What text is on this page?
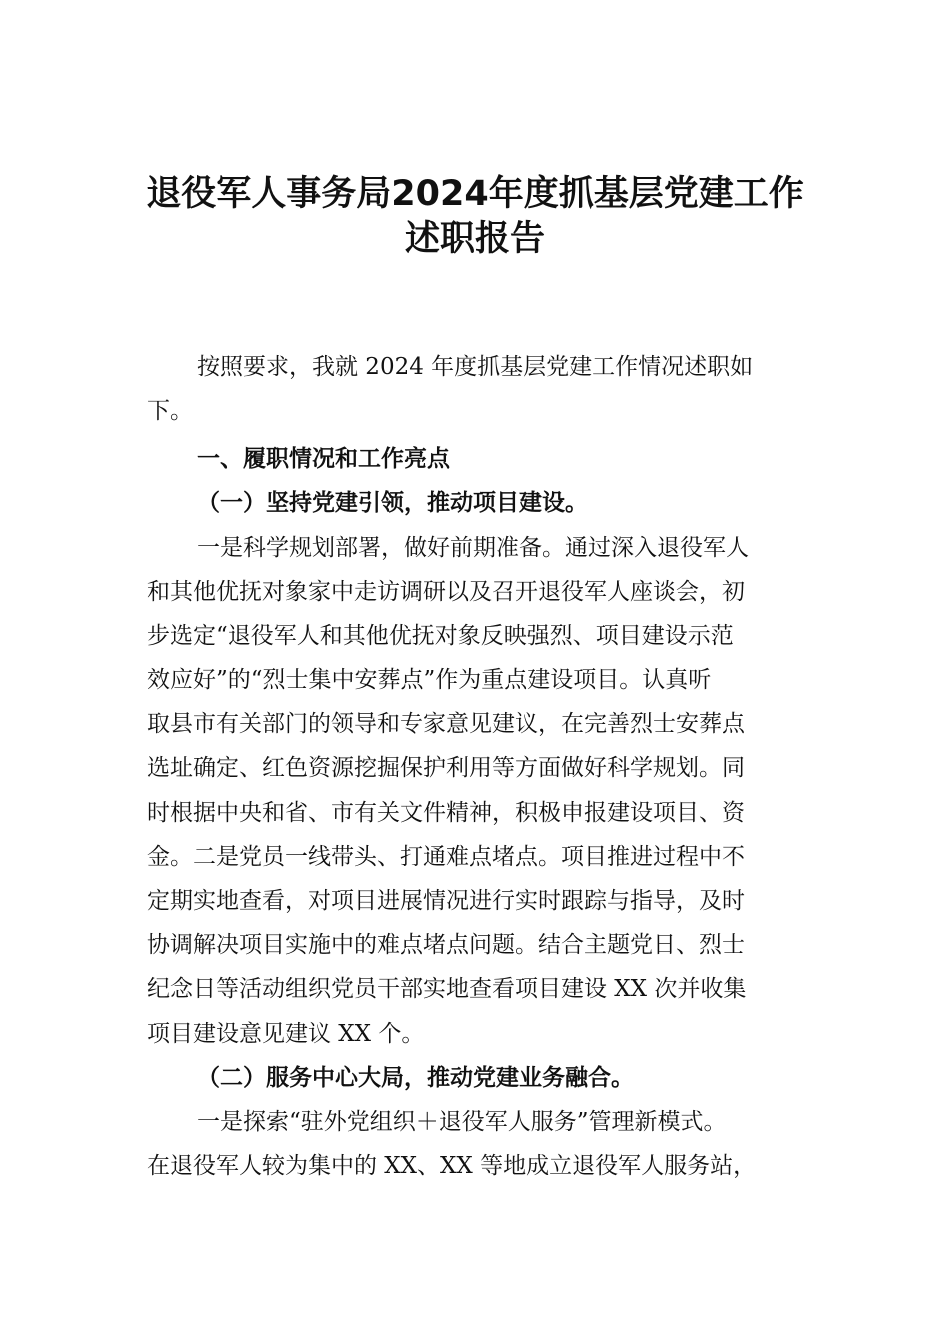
退役军人事务局2024年度抓基层党建工作
述职报告
按照要求，我就 2024 年度抓基层党建工作情况述职如
下。
一、履职情况和工作亮点
（一）坚持党建引领，推动项目建设。
一是科学规划部署，做好前期准备。通过深入退役军人
和其他优抚对象家中走访调研以及召开退役军人座谈会，初
步选定“退役军人和其他优抚对象反映强烈、项目建设示范
效应好”的“烈士集中安葬点”作为重点建设项目。认真听
取县市有关部门的领导和专家意见建议，在完善烈士安葬点
选址确定、红色资源挖掘保护利用等方面做好科学规划。同
时根据中央和省、市有关文件精神，积极申报建设项目、资
金。二是党员一线带头、打通难点堵点。项目推进过程中不
定期实地查看，对项目进展情况进行实时跟踪与指导，及时
协调解决项目实施中的难点堵点问题。结合主题党日、烈士
纪念日等活动组织党员干部实地查看项目建设 XX 次并收集
项目建设意见建议 XX 个。
（二）服务中心大局，推动党建业务融合。
一是探索“驻外党组织＋退役军人服务”管理新模式。
在退役军人较为集中的 XX、XX 等地成立退役军人服务站，
